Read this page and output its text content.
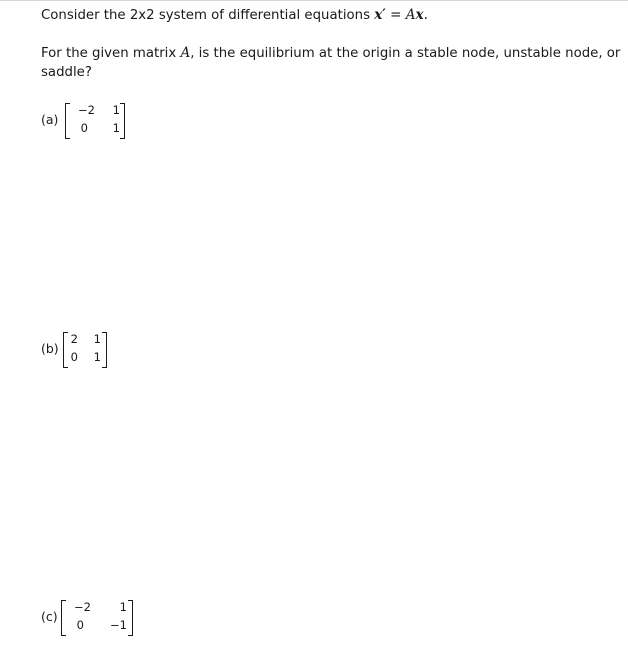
Consider the 2x2 system of differential equations x′ = Ax.
For the given matrix A, is the equilibrium at the origin a stable node, unstable node, or
saddle?
(a)
−2	1
0	1
(b)
2	1
0	1
(c)
−2	1
0	−1
